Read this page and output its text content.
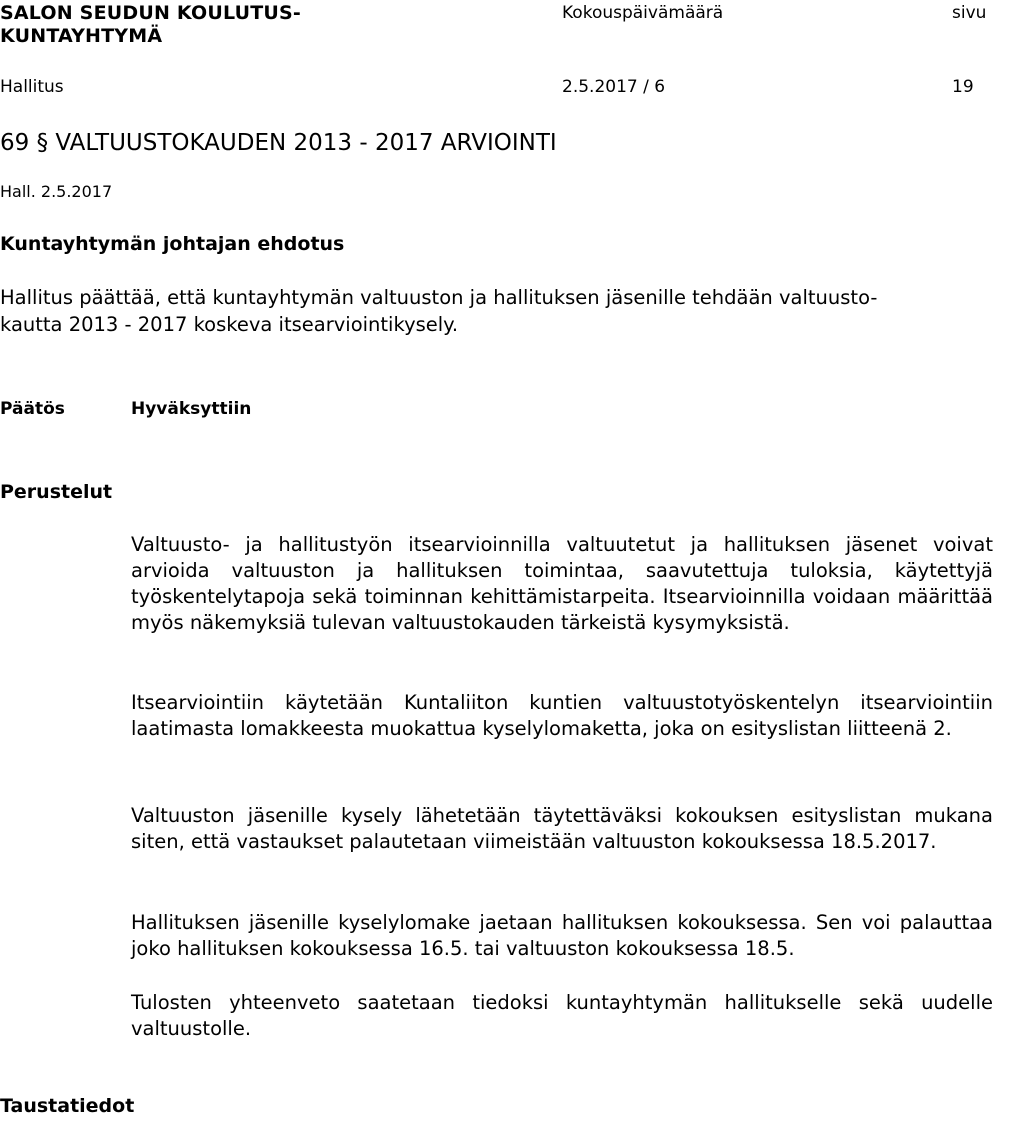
SALON SEUDUN KOULUTUS-
KUNTAYHTYMÄ
Kokouspäivämäärä	sivu
Hallitus	2.5.2017 / 6	19
69 § VALTUUSTOKAUDEN 2013 - 2017 ARVIOINTI
Hall. 2.5.2017
Kuntayhtymän johtajan ehdotus
Hallitus päättää, että kuntayhtymän valtuuston ja hallituksen jäsenille tehdään valtuusto-
kautta 2013 - 2017 koskeva itsearviointikysely.
Päätös	Hyväksyttiin
Perustelut
Valtuusto- ja hallitustyön itsearvioinnilla valtuutetut ja hallituksen jäsenet voivat arvioida valtuuston ja hallituksen toimintaa, saavutettuja tuloksia, käytettyjä työskentelytapoja sekä toiminnan kehittämistarpeita. Itsearvioinnilla voidaan määrittää myös näkemyksiä tulevan valtuustokauden tärkeistä kysymyksistä.
Itsearviointiin käytetään Kuntaliiton kuntien valtuustotyöskentelyn itsearviointiin laatimasta lomakkeesta muokattua kyselylomaketta, joka on esityslistan liitteenä 2.
Valtuuston jäsenille kysely lähetetään täytettäväksi kokouksen esityslistan mukana siten, että vastaukset palautetaan viimeistään valtuuston kokouksessa 18.5.2017.
Hallituksen jäsenille kyselylomake jaetaan hallituksen kokouksessa. Sen voi palauttaa joko hallituksen kokouksessa 16.5. tai valtuuston kokouksessa 18.5.
Tulosten yhteenveto saatetaan tiedoksi kuntayhtymän hallitukselle sekä uudelle valtuustolle.
Taustatiedot
